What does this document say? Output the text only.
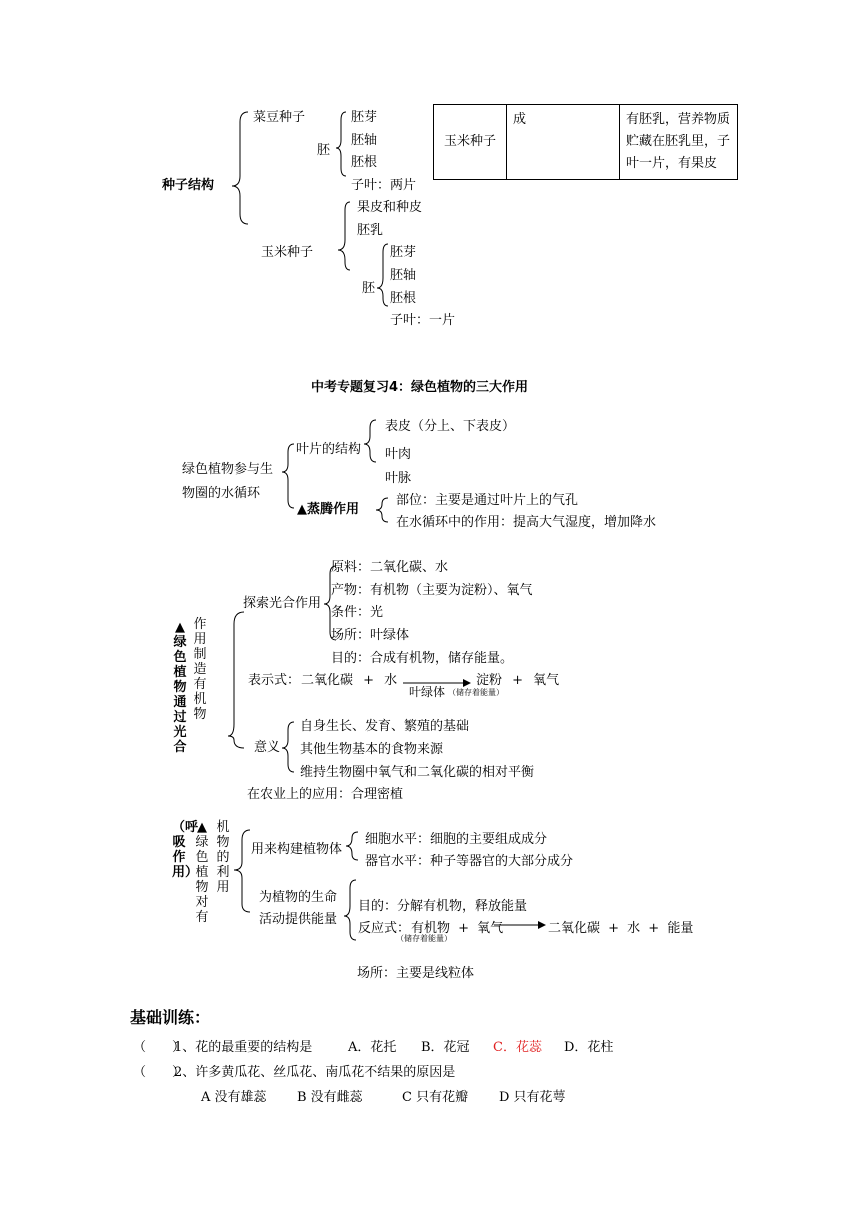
种子结构
菜豆种子
胚
胚芽
胚轴
胚根
子叶：两片
玉米种子
果皮和种皮
胚乳
胚
胚芽
胚轴
胚根
子叶：一片
玉米种子	成	有胚乳，营养物质贮藏在胚乳里，子叶一片，有果皮
中考专题复习4：绿色植物的三大作用
绿色植物参与生物圈的水循环
叶片的结构
表皮（分上、下表皮）
叶肉
叶脉
▲蒸腾作用
部位：主要是通过叶片上的气孔
在水循环中的作用：提高大气湿度，增加降水
▲绿色植物通过光合
作用制造有机物
探索光合作用
原料：二氧化碳、水
产物：有机物（主要为淀粉）、氧气
条件：光
场所：叶绿体
目的：合成有机物，储存能量。
表示式： 二氧化碳 + 水
叶绿体 （储存着能量）
淀粉 + 氧气
意义
自身生长、发育、繁殖的基础
其他生物基本的食物来源
维持生物圈中氧气和二氧化碳的相对平衡
在农业上的应用：合理密植
（呼吸作用）
▲绿色植物对有
机物的利用
用来构建植物体
细胞水平：细胞的主要组成成分
器官水平：种子等器官的大部分成分
为植物的生命
活动提供能量
目的：分解有机物，释放能量
反应式： 有机物 + 氧气
（储存着能量）
二氧化碳 + 水 + 能量
场所：主要是线粒体
基础训练：
（　　）
1、花的最重要的结构是	A．花托 B．花冠 C．花蕊 D．花柱
（　　）
2、许多黄瓜花、丝瓜花、南瓜花不结果的原因是
A 没有雄蕊 B 没有雌蕊	C 只有花瓣 D 只有花萼
